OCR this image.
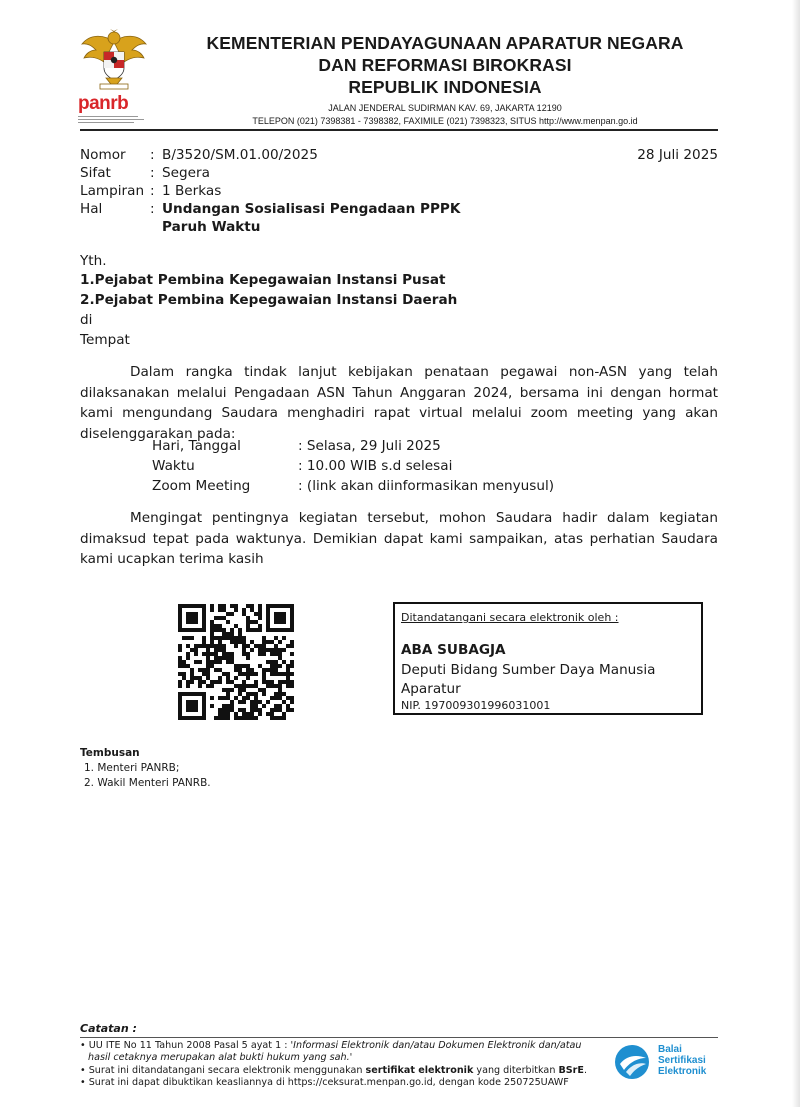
panrb
KEMENTERIAN PENDAYAGUNAAN APARATUR NEGARA
DAN REFORMASI BIROKRASI
REPUBLIK INDONESIA
JALAN JENDERAL SUDIRMAN KAV. 69, JAKARTA 12190
TELEPON (021) 7398381 - 7398382, FAXIMILE (021) 7398323, SITUS http://www.menpan.go.id
Nomor : B/3520/SM.01.00/2025	28 Juli 2025
Sifat	: Segera
Lampiran : 1 Berkas
Hal	: Undangan Sosialisasi Pengadaan PPPK
Paruh Waktu
Yth.
1.Pejabat Pembina Kepegawaian Instansi Pusat
2.Pejabat Pembina Kepegawaian Instansi Daerah
di
Tempat
Dalam rangka tindak lanjut kebijakan penataan pegawai non-ASN yang telah dilaksanakan melalui Pengadaan ASN Tahun Anggaran 2024, bersama ini dengan hormat kami mengundang Saudara menghadiri rapat virtual melalui zoom meeting yang akan diselenggarakan pada:
Hari, Tanggal	: Selasa, 29 Juli 2025
Waktu	: 10.00 WIB s.d selesai
Zoom Meeting	: (link akan diinformasikan menyusul)
Mengingat pentingnya kegiatan tersebut, mohon Saudara hadir dalam kegiatan dimaksud tepat pada waktunya. Demikian dapat kami sampaikan, atas perhatian Saudara kami ucapkan terima kasih
Ditandatangani secara elektronik oleh :
ABA SUBAGJA
Deputi Bidang Sumber Daya Manusia
Aparatur
NIP. 197009301996031001
Tembusan
1. Menteri PANRB;
2. Wakil Menteri PANRB.
Catatan :
• UU ITE No 11 Tahun 2008 Pasal 5 ayat 1 : 'Informasi Elektronik dan/atau Dokumen Elektronik dan/atau
hasil cetaknya merupakan alat bukti hukum yang sah.'
• Surat ini ditandatangani secara elektronik menggunakan sertifikat elektronik yang diterbitkan BSrE.
• Surat ini dapat dibuktikan keasliannya di https://ceksurat.menpan.go.id, dengan kode 250725UAWF
Balai
Sertifikasi
Elektronik
